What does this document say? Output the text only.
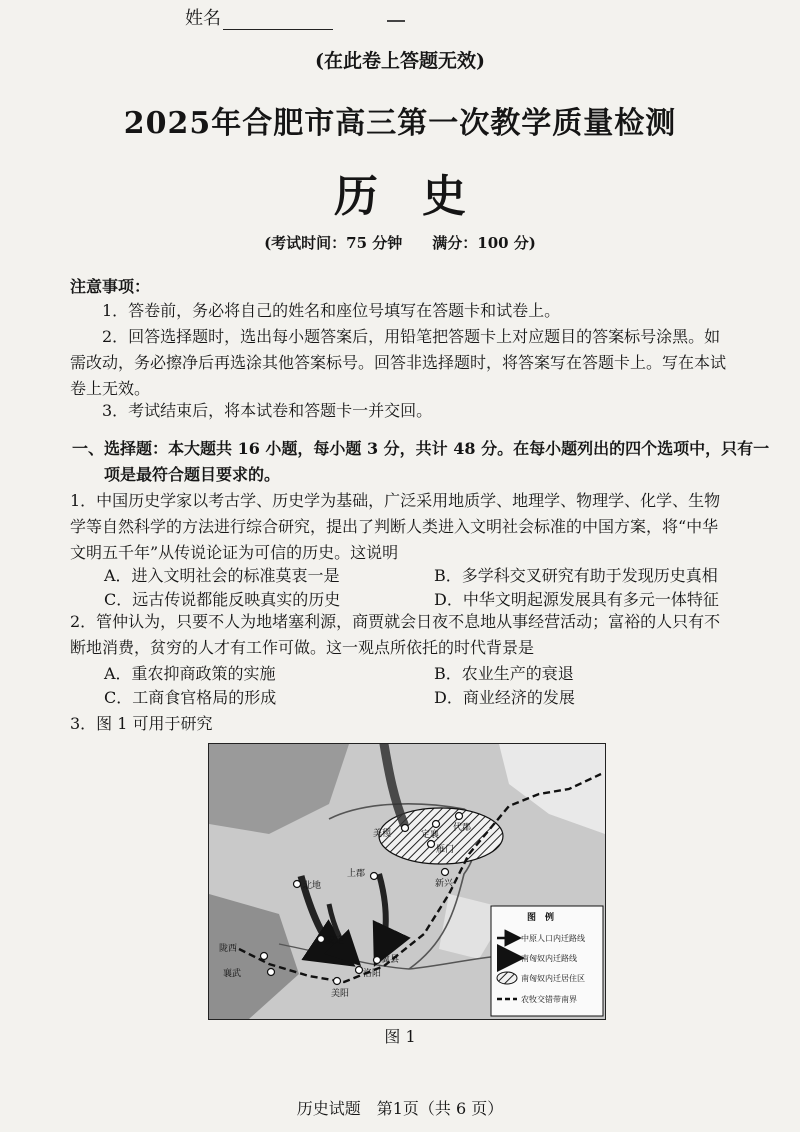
姓名
(在此卷上答题无效)
2025年合肥市高三第一次教学质量检测
历　史
(考试时间：75 分钟　　满分：100 分)
注意事项：
1．答卷前，务必将自己的姓名和座位号填写在答题卡和试卷上。
2．回答选择题时，选出每小题答案后，用铅笔把答题卡上对应题目的答案标号涂黑。如需改动，务必擦净后再选涂其他答案标号。回答非选择题时，将答案写在答题卡上。写在本试卷上无效。
3．考试结束后，将本试卷和答题卡一并交回。
一、选择题：本大题共 16 小题，每小题 3 分，共计 48 分。在每小题列出的四个选项中，只有一项是最符合题目要求的。
1．中国历史学家以考古学、历史学为基础，广泛采用地质学、地理学、物理学、化学、生物学等自然科学的方法进行综合研究，提出了判断人类进入文明社会标准的中国方案，将“中华文明五千年”从传说论证为可信的历史。这说明
A．进入文明社会的标准莫衷一是	B．多学科交叉研究有助于发现历史真相
C．远古传说都能反映真实的历史	D．中华文明起源发展具有多元一体特征
2．管仲认为，只要不人为地堵塞利源，商贾就会日夜不息地从事经营活动；富裕的人只有不断地消费，贫穷的人才有工作可做。这一观点所依托的时代背景是
A．重农抑商政策的实施	B．农业生产的衰退
C．工商食官格局的形成	D．商业经济的发展
3．图 1 可用于研究
美稷	定襄
代郡
雁门
上郡
新兴
北地
安定
陇西
襄武
冀县
美阳
洛阳
图　例
中原人口内迁路线
南匈奴内迁路线
南匈奴内迁居住区
农牧交错带南界
图 1
历史试题　第1页（共 6 页）
